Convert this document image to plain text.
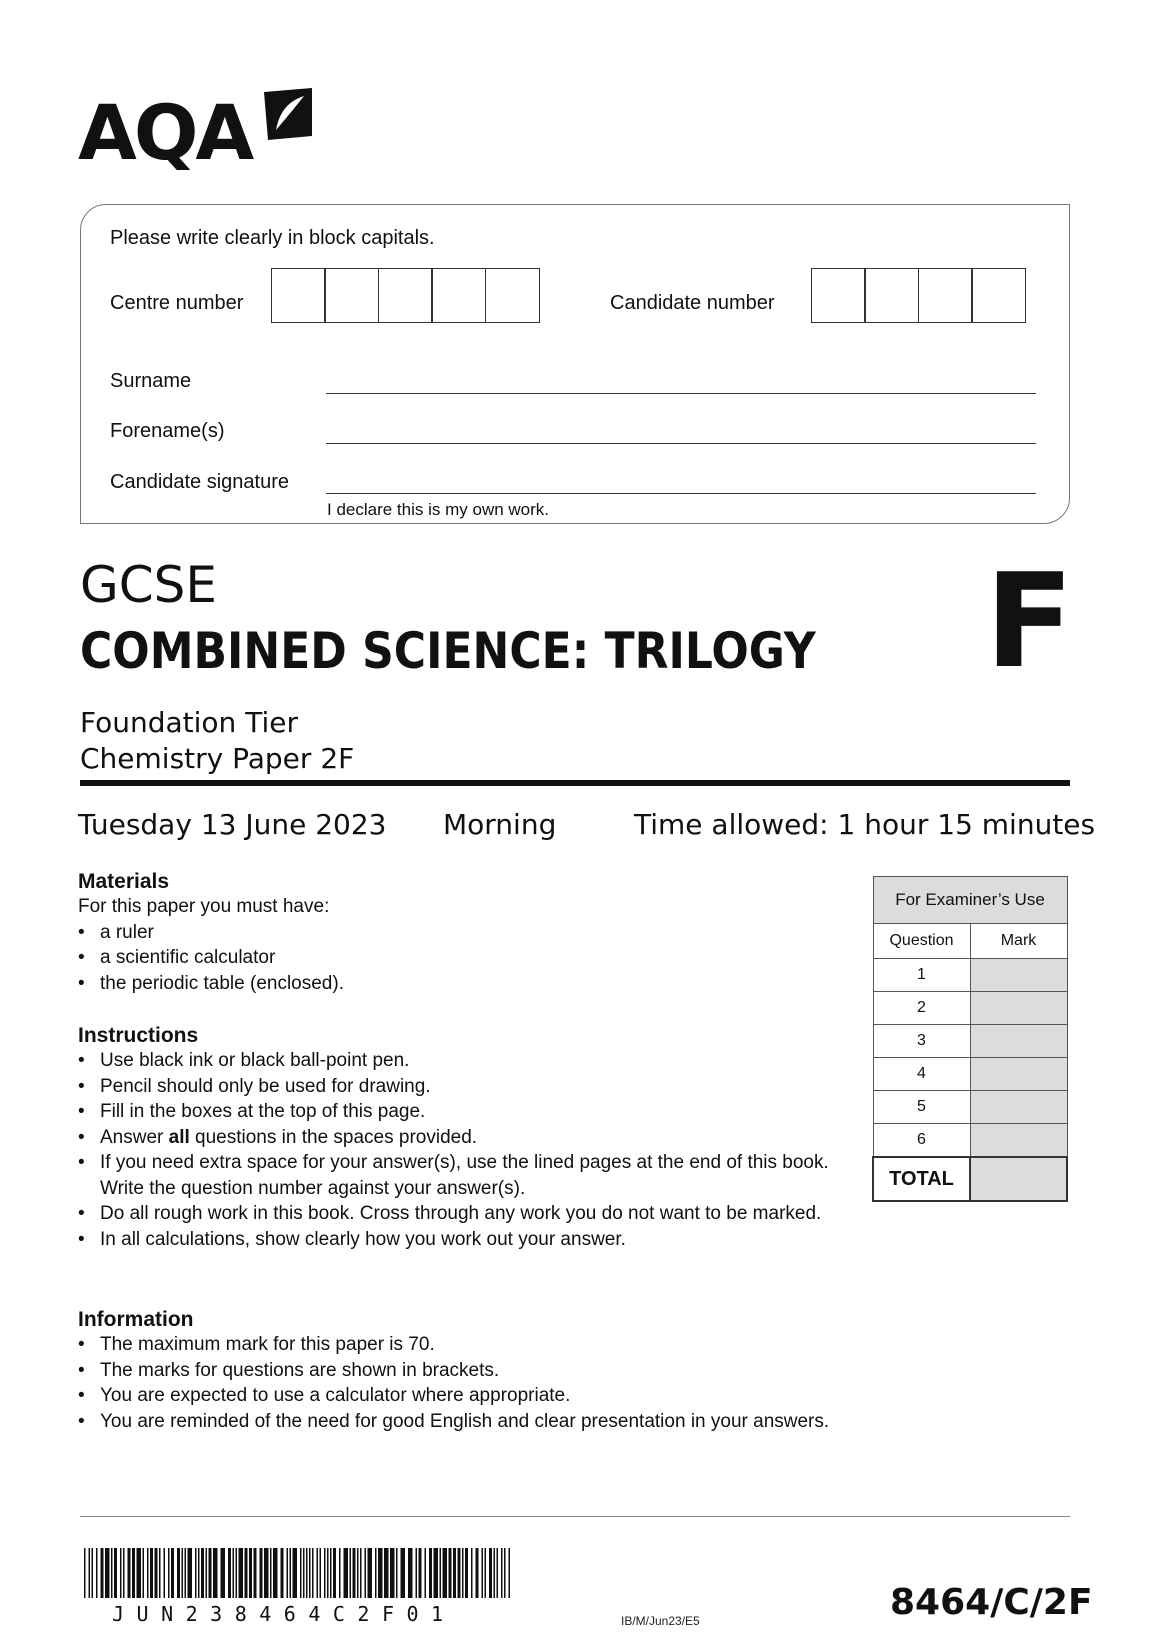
AQA
Please write clearly in block capitals.
Centre number	Candidate number
Surname
Forename(s)
Candidate signature
I declare this is my own work.
GCSE
COMBINED SCIENCE: TRILOGY F
Foundation Tier
Chemistry Paper 2F
Tuesday 13 June 2023 Morning	Time allowed: 1 hour 15 minutes
Materials
For this paper you must have:
• a ruler
• a scientific calculator
• the periodic table (enclosed).
Instructions
• Use black ink or black ball-point pen.
• Pencil should only be used for drawing.
• Fill in the boxes at the top of this page.
• Answer all questions in the spaces provided.
• If you need extra space for your answer(s), use the lined pages at the end of this book. Write the question number against your answer(s).
• Do all rough work in this book. Cross through any work you do not want to be marked.
• In all calculations, show clearly how you work out your answer.
Information
• The maximum mark for this paper is 70.
• The marks for questions are shown in brackets.
• You are expected to use a calculator where appropriate.
• You are reminded of the need for good English and clear presentation in your answers.
For Examiner’s Use	
Question	Mark
1	
2	
3	
4	
5	
6	
TOTAL	
JUN238464C2F01	IB/M/Jun23/E5	8464/C/2F
